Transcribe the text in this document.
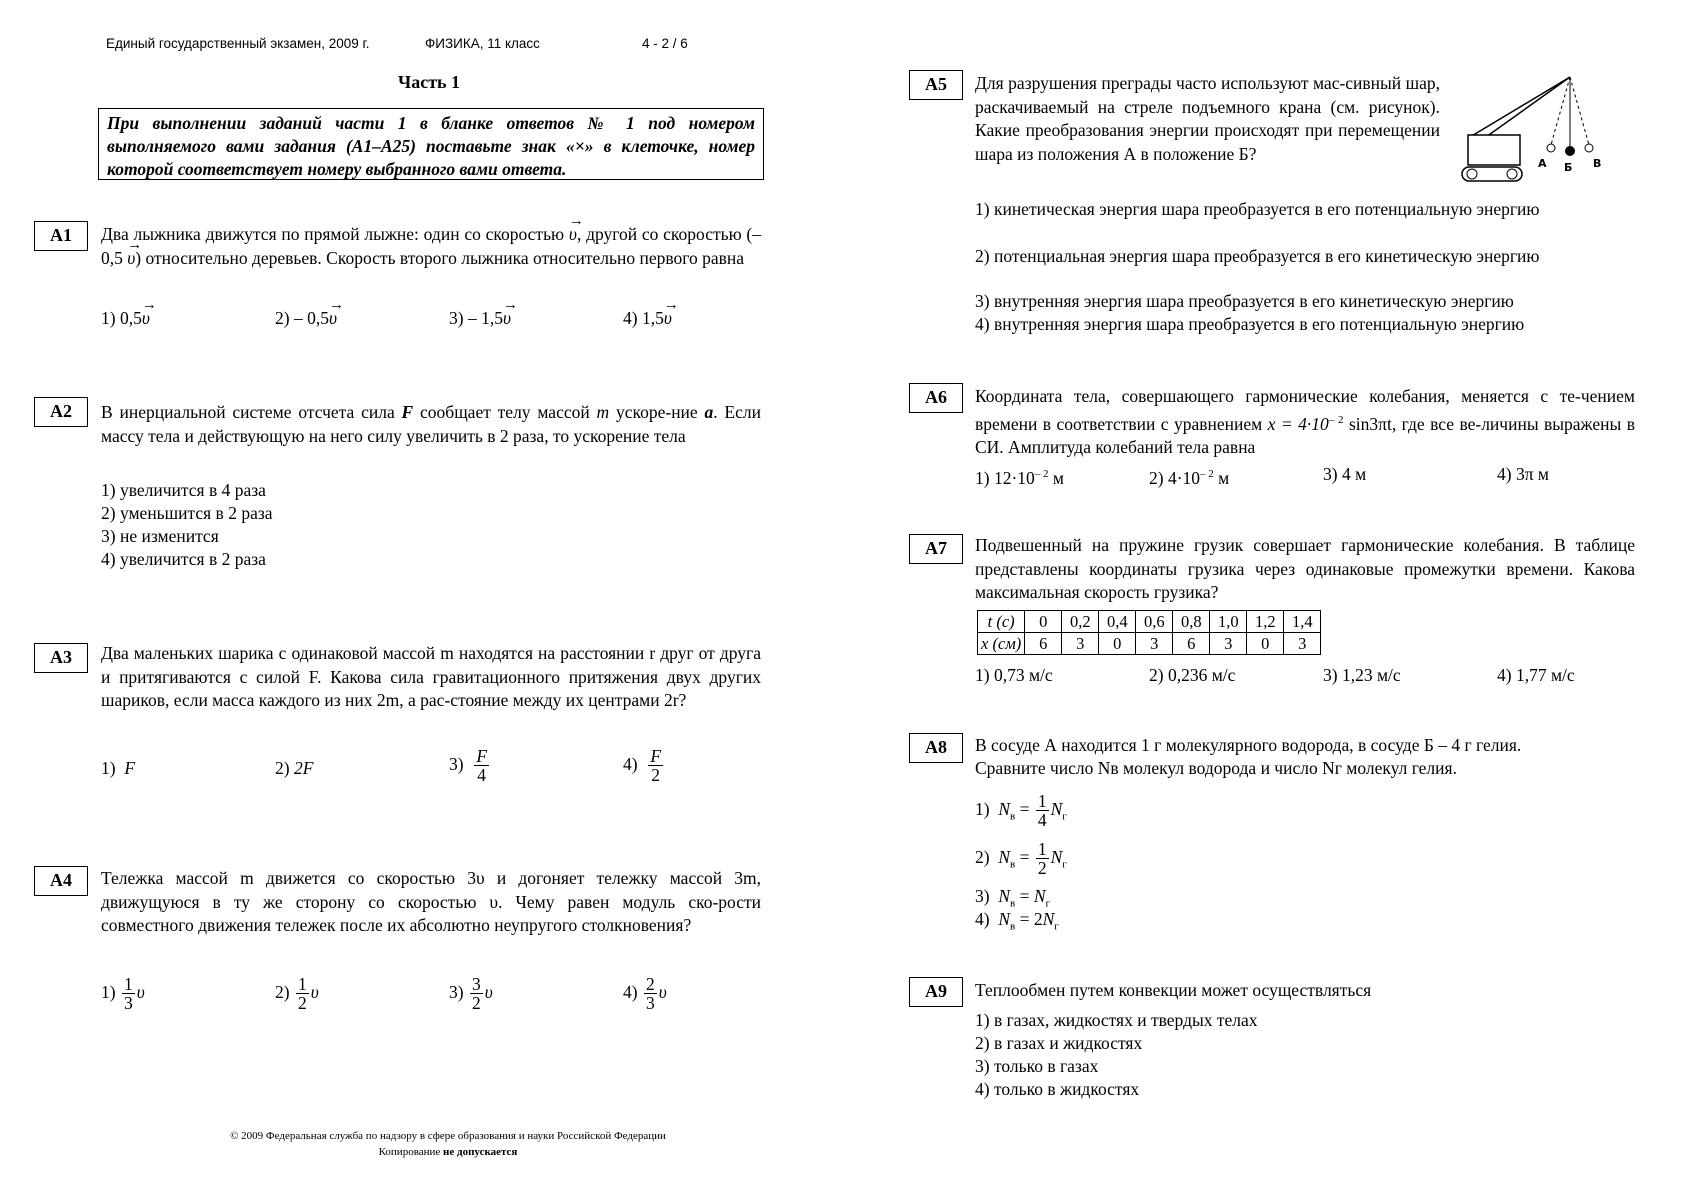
Единый государственный экзамен, 2009 г.	ФИЗИКА, 11 класс	4 - 2 / 6
Часть 1
При выполнении заданий части 1 в бланке ответов № 1 под номером выполняемого вами задания (А1–А25) поставьте знак «×» в клеточке, номер которой соответствует номеру выбранного вами ответа.
А1	Два лыжника движутся по прямой лыжне: один со скоростью → υ, другой со скоростью (– 0,5 → υ) относительно деревьев. Скорость второго лыжника относительно первого равна
1) 0,5→ υ	2) – 0,5→ υ	3) – 1,5→ υ	4) 1,5→ υ
А2	В инерциальной системе отсчета сила F сообщает телу массой m ускоре-ние a. Если массу тела и действующую на него силу увеличить в 2 раза, то ускорение тела
1) увеличится в 4 раза
2) уменьшится в 2 раза
3) не изменится
4) увеличится в 2 раза
А3	Два маленьких шарика с одинаковой массой m находятся на расстоянии r друг от друга и притягиваются с силой F. Какова сила гравитационного притяжения двух других шариков, если масса каждого из них 2m, а рас-стояние между их центрами 2r?
1) F	2) 2F	$3) \frac{F}{4}$	$4) \frac{F}{2}$
А4	Тележка массой m движется со скоростью 3υ и догоняет тележку массой 3m, движущуюся в ту же сторону со скоростью υ. Чему равен модуль ско-рости совместного движения тележек после их абсолютно неупругого столкновения?
$1) \frac{1}{3}$ υ	$2) \frac{1}{2}$ υ	$3) \frac{3}{2}$ υ	$4) \frac{2}{3}$ υ
А5	Для разрушения преграды часто используют мас-сивный шар, раскачиваемый на стреле подъемного крана (см. рисунок). Какие преобразования энергии происходят при перемещении шара из положения А в положение Б?	А Б В
1) кинетическая энергия шара преобразуется в его потенциальную энергию
2) потенциальная энергия шара преобразуется в его кинетическую энергию
3) внутренняя энергия шара преобразуется в его кинетическую энергию
4) внутренняя энергия шара преобразуется в его потенциальную энергию
А6	Координата тела, совершающего гармонические колебания, меняется с те-чением времени в соответствии с уравнением $x = 4\cdot 10^{- 2}$ sin3πt, где все ве-личины выражены в СИ. Амплитуда колебаний тела равна
1) $12\cdot 10^{- 2}$ м	2) $4\cdot 10^{- 2}$ м	3) 4 м	4) 3π м
А7	Подвешенный на пружине грузик совершает гармонические колебания. В таблице представлены координаты грузика через одинаковые промежутки времени. Какова максимальная скорость грузика?
t (с)	0	0,2	0,4	0,6	0,8	1,0	1,2	1,4
x (см)	6	3	0	3	6	3	0	3
1) 0,73 м/с	2) 0,236 м/с	3) 1,23 м/с	4) 1,77 м/с
А8	В сосуде А находится 1 г молекулярного водорода, в сосуде Б – 4 г гелия.
Сравните число Nв молекул водорода и число Nг молекул гелия.
1) $N_в = \frac{1}{4} N_г$
2) $N_в = \frac{1}{2} N_г$
3) $N_в = N_г$
4) $N_в = 2N_г$
А9	Теплообмен путем конвекции может осуществляться
1) в газах, жидкостях и твердых телах
2) в газах и жидкостях
3) только в газах
4) только в жидкостях
© 2009 Федеральная служба по надзору в сфере образования и науки Российской Федерации
Копирование не допускается
